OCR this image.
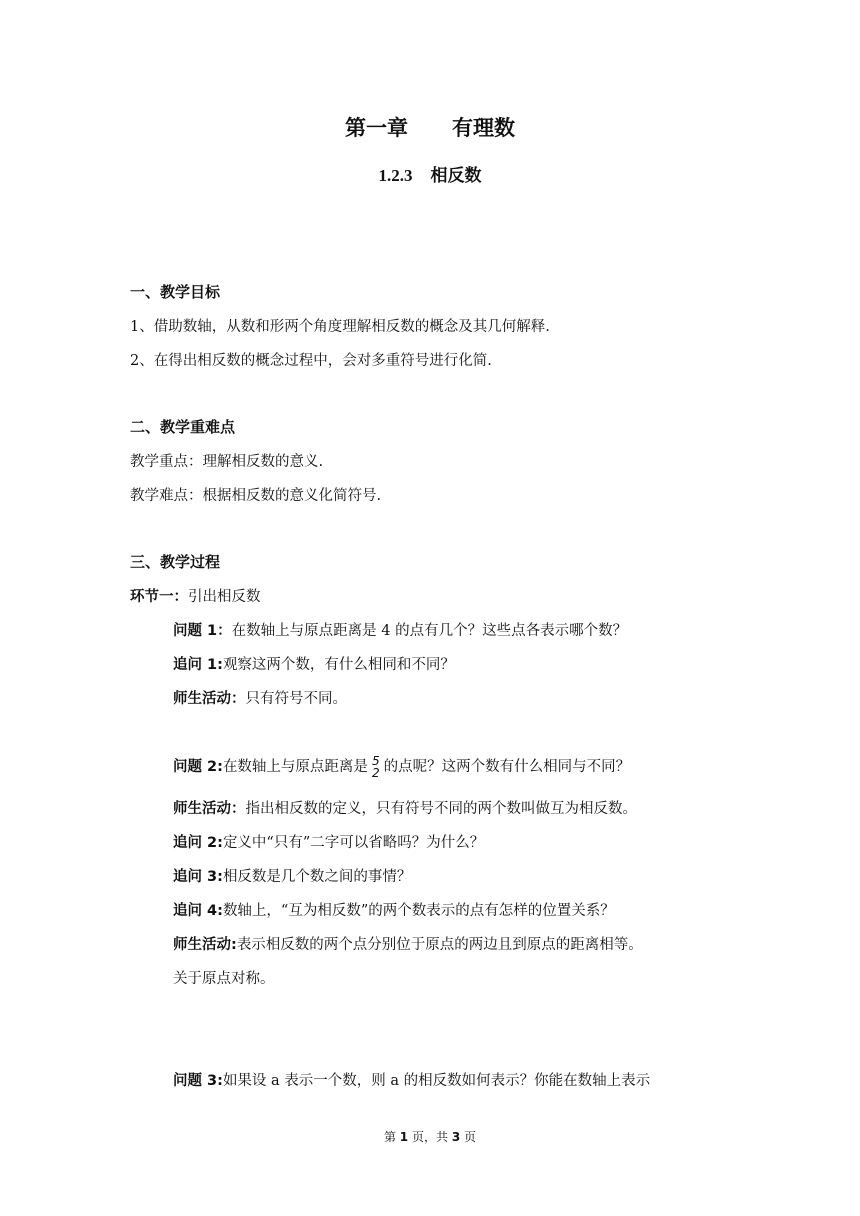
第一章 有理数
1.2.3 相反数
一、教学目标
1、借助数轴，从数和形两个角度理解相反数的概念及其几何解释.
2、在得出相反数的概念过程中，会对多重符号进行化简.
二、教学重难点
教学重点：理解相反数的意义.
教学难点：根据相反数的意义化简符号.
三、教学过程
环节一：引出相反数
问题 1：在数轴上与原点距离是 4 的点有几个？这些点各表示哪个数？
追问 1:观察这两个数，有什么相同和不同？
师生活动：只有符号不同。
问题 2:在数轴上与原点距离是 5
2 的点呢？这两个数有什么相同与不同？
师生活动：指出相反数的定义，只有符号不同的两个数叫做互为相反数。
追问 2:定义中“只有”二字可以省略吗？为什么？
追问 3:相反数是几个数之间的事情？
追问 4:数轴上，“互为相反数”的两个数表示的点有怎样的位置关系？
师生活动:表示相反数的两个点分别位于原点的两边且到原点的距离相等。
关于原点对称。
问题 3:如果设 a 表示一个数，则 a 的相反数如何表示？你能在数轴上表示
第 1 页，共 3 页
